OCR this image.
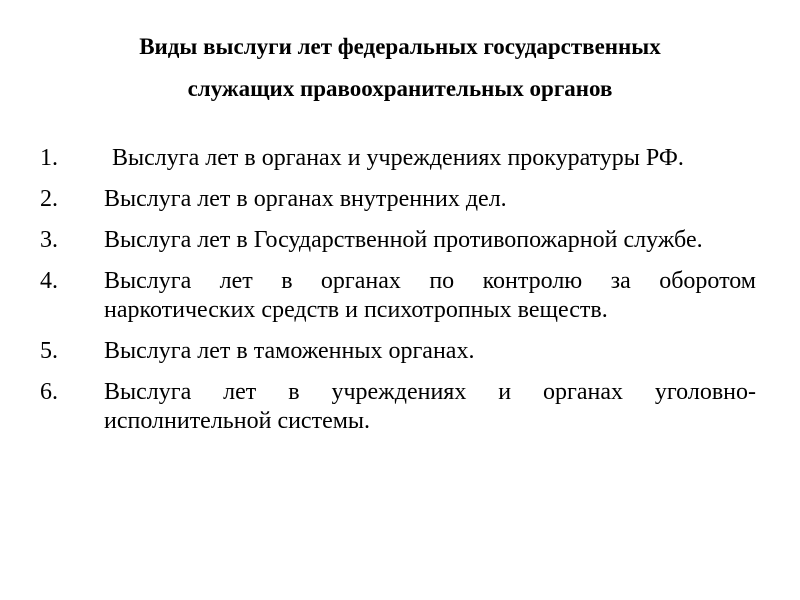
Виды выслуги лет федеральных государственных
служащих правоохранительных органов
1.	Выслуга лет в органах и учреждениях прокуратуры РФ.
2.	Выслуга лет в органах внутренних дел.
3.	Выслуга лет в Государственной противопожарной службе.
4.	Выслуга лет в органах по контролю за оборотом наркотических средств и психотропных веществ.
5.	Выслуга лет в таможенных органах.
6.	Выслуга лет в учреждениях и органах уголовно-исполнительной системы.
